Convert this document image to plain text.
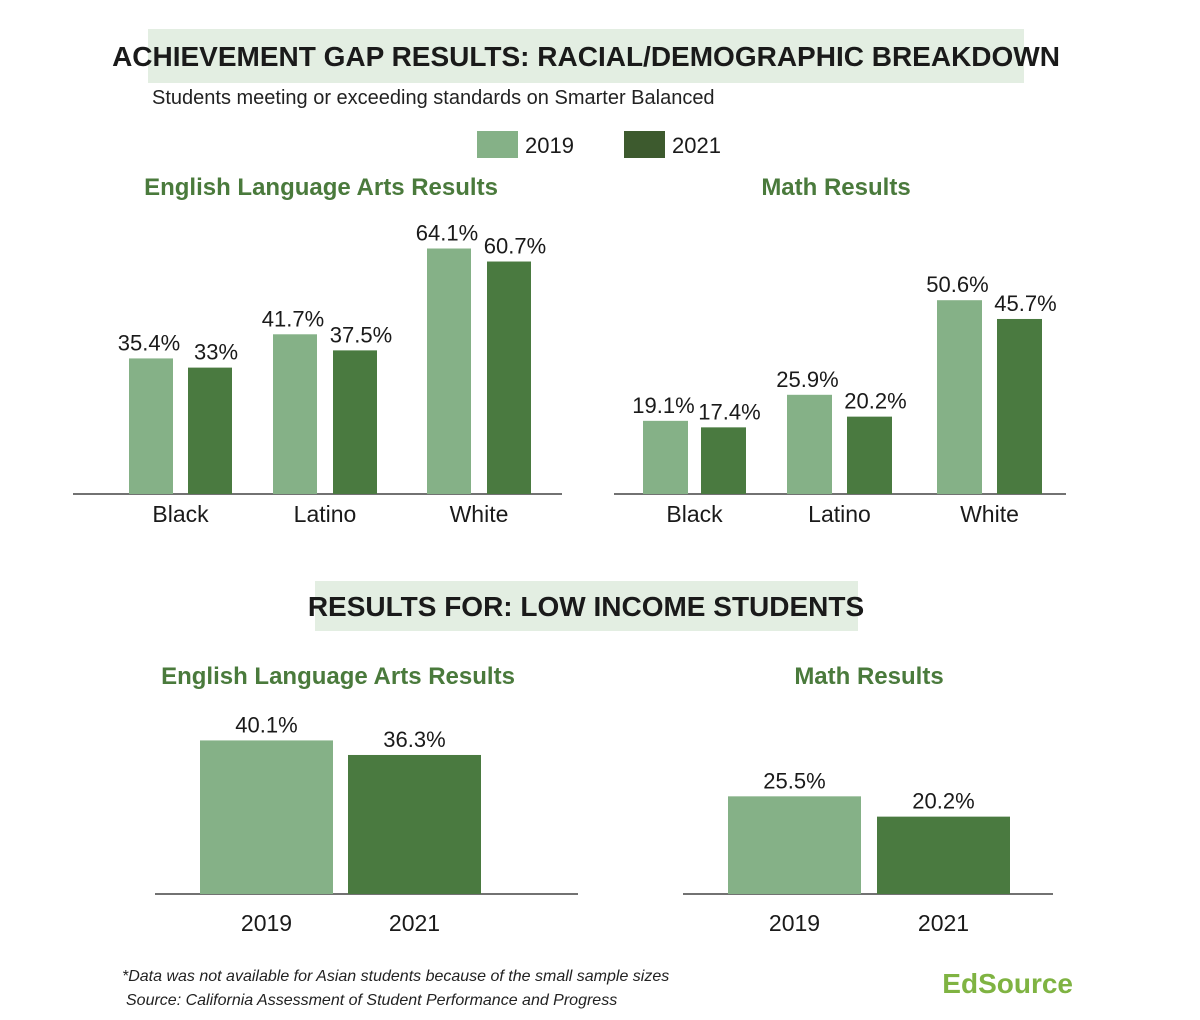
ACHIEVEMENT GAP RESULTS: RACIAL/DEMOGRAPHIC BREAKDOWN
Students meeting or exceeding standards on Smarter Balanced
2019	2021
English Language Arts Results	Math Results
RESULTS FOR: LOW INCOME STUDENTS
English Language Arts Results	Math Results
35.4% 33%
Black
41.7%
37.5%
Latino
64.1%
60.7%
White
19.1% 17.4%
Black
25.9%
20.2%
Latino
50.6%
45.7%
White
40.1%
2019
36.3%
2021
25.5%
2019
20.2%
2021
*Data was not available for Asian students because of the small sample sizes
Source: California Assessment of Student Performance and Progress
EdSource
